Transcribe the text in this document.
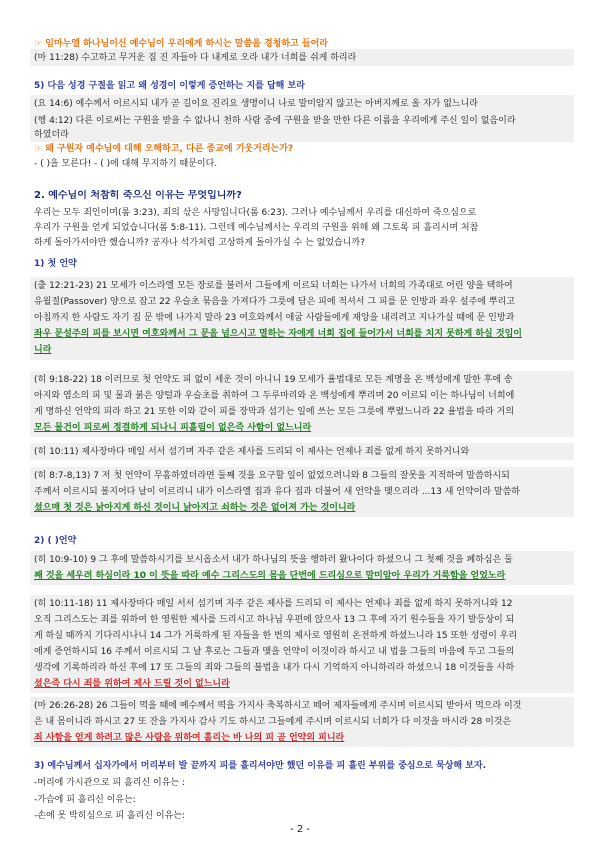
☞ 임마누엘 하나님이신 예수님이 우리에게 하시는 말씀을 경청하고 들어라
(마 11:28) 수고하고 무거운 짐 진 자들아 다 내게로 오라 내가 너희를 쉬게 하리라
5) 다음 성경 구절을 읽고 왜 성경이 이렇게 증언하는 지를 답해 보라
(요 14:6) 예수께서 이르시되 내가 곧 길이요 진리요 생명이니 나로 말미암지 않고는 아버지께로 올 자가 없느니라
(행 4:12) 다른 이로써는 구원을 받을 수 없나니 천하 사람 중에 구원을 받을 만한 다른 이름을 우리에게 주신 일이 없음이라
하였더라
☞ 왜 구원자 예수님에 대해 오해하고, 다른 종교에 기웃거리는가?
- ( )을 모른다! - ( )에 대해 무지하기 때문이다.
2. 예수님이 처참히 죽으신 이유는 무엇입니까?
우리는 모두 죄인이며(롬 3:23), 죄의 삯은 사망입니다(롬 6:23). 그러나 예수님께서 우리를 대신하여 죽으심으로
우리가 구원을 얻게 되었습니다(롬 5:8-11). 그런데 예수님께서는 우리의 구원을 위해 왜 그토록 피 흘리시며 처참
하게 돌아가셔야만 했습니까? 공자나 석가처럼 고상하게 돌아가실 수 는 없었습니까?
1) 첫 언약
(출 12:21-23) 21 모세가 이스라엘 모든 장로를 불러서 그들에게 이르되 너희는 나가서 너희의 가족대로 어린 양을 택하여
유월절(Passover) 양으로 잡고 22 우슬초 묶음을 가져다가 그릇에 담은 피에 적셔서 그 피를 문 인방과 좌우 설주에 뿌리고
아침까지 한 사람도 자기 집 문 밖에 나가지 말라 23 여호와께서 애굽 사람들에게 재앙을 내리려고 지나가실 때에 문 인방과
좌우 문설주의 피를 보시면 여호와께서 그 문을 넘으시고 멸하는 자에게 너희 집에 들어가서 너희를 치지 못하게 하실 것임이
니라
(히 9:18-22) 18 이러므로 첫 언약도 피 없이 세운 것이 아니니 19 모세가 율법대로 모든 계명을 온 백성에게 말한 후에 송
아지와 염소의 피 및 물과 붉은 양털과 우슬초를 취하여 그 두루마리와 온 백성에게 뿌리며 20 이르되 이는 하나님이 너희에
게 명하신 언약의 피라 하고 21 또한 이와 같이 피를 장막과 섬기는 일에 쓰는 모든 그릇에 뿌렸느니라 22 율법을 따라 거의
모든 물건이 피로써 정결하게 되나니 피흘림이 없은즉 사함이 없느니라
(히 10:11) 제사장마다 매일 서서 섬기며 자주 같은 제사를 드리되 이 제사는 언제나 죄를 없게 하지 못하거니와
(히 8:7-8,13) 7 저 첫 언약이 무흠하였더라면 둘째 것을 요구할 일이 없었으려니와 8 그들의 잘못을 지적하여 말씀하시되
주께서 이르시되 볼지어다 날이 이르리니 내가 이스라엘 집과 유다 집과 더불어 새 언약을 맺으리라 ...13 새 언약이라 말씀하
셨으매 첫 것은 낡아지게 하신 것이니 낡아지고 쇠하는 것은 없어져 가는 것이니라
2) ( )언약
(히 10:9-10) 9 그 후에 말씀하시기를 보시옵소서 내가 하나님의 뜻을 행하러 왔나이다 하셨으니 그 첫째 것을 폐하심은 둘
째 것을 세우려 하심이라 10 이 뜻을 따라 예수 그리스도의 몸을 단번에 드리심으로 말미암아 우리가 거룩함을 얻었노라
(히 10:11-18) 11 제사장마다 매일 서서 섬기며 자주 같은 제사를 드리되 이 제사는 언제나 죄를 없게 하지 못하거니와 12
오직 그리스도는 죄를 위하여 한 영원한 제사를 드리시고 하나님 우편에 앉으사 13 그 후에 자기 원수들을 자기 발등상이 되
게 하실 때까지 기다리시나니 14 그가 거룩하게 된 자들을 한 번의 제사로 영원히 온전하게 하셨느니라 15 또한 성령이 우리
에게 증언하시되 16 주께서 이르시되 그 날 후로는 그들과 맺을 언약이 이것이라 하시고 내 법을 그들의 마음에 두고 그들의
생각에 기록하리라 하신 후에 17 또 그들의 죄와 그들의 불법을 내가 다시 기억하지 아니하리라 하셨으니 18 이것들을 사하
셨은즉 다시 죄를 위하여 제사 드릴 것이 없느니라
(마 26:26-28) 26 그들이 먹을 때에 예수께서 떡을 가지사 축복하시고 떼어 제자들에게 주시며 이르시되 받아서 먹으라 이것
은 내 몸이니라 하시고 27 또 잔을 가지사 감사 기도 하시고 그들에게 주시며 이르시되 너희가 다 이것을 마시라 28 이것은
죄 사함을 얻게 하려고 많은 사람을 위하여 흘리는 바 나의 피 곧 언약의 피니라
3) 예수님께서 십자가에서 머리부터 발 끝까지 피를 흘리셔야만 했던 이유를 피 흘린 부위를 중심으로 묵상해 보자.
-머리에 가시관으로 피 흘리신 이유는 :
-가슴에 피 흘리신 이유는:
-손에 못 박히심으로 피 흘리신 이유는:
- 2 -
